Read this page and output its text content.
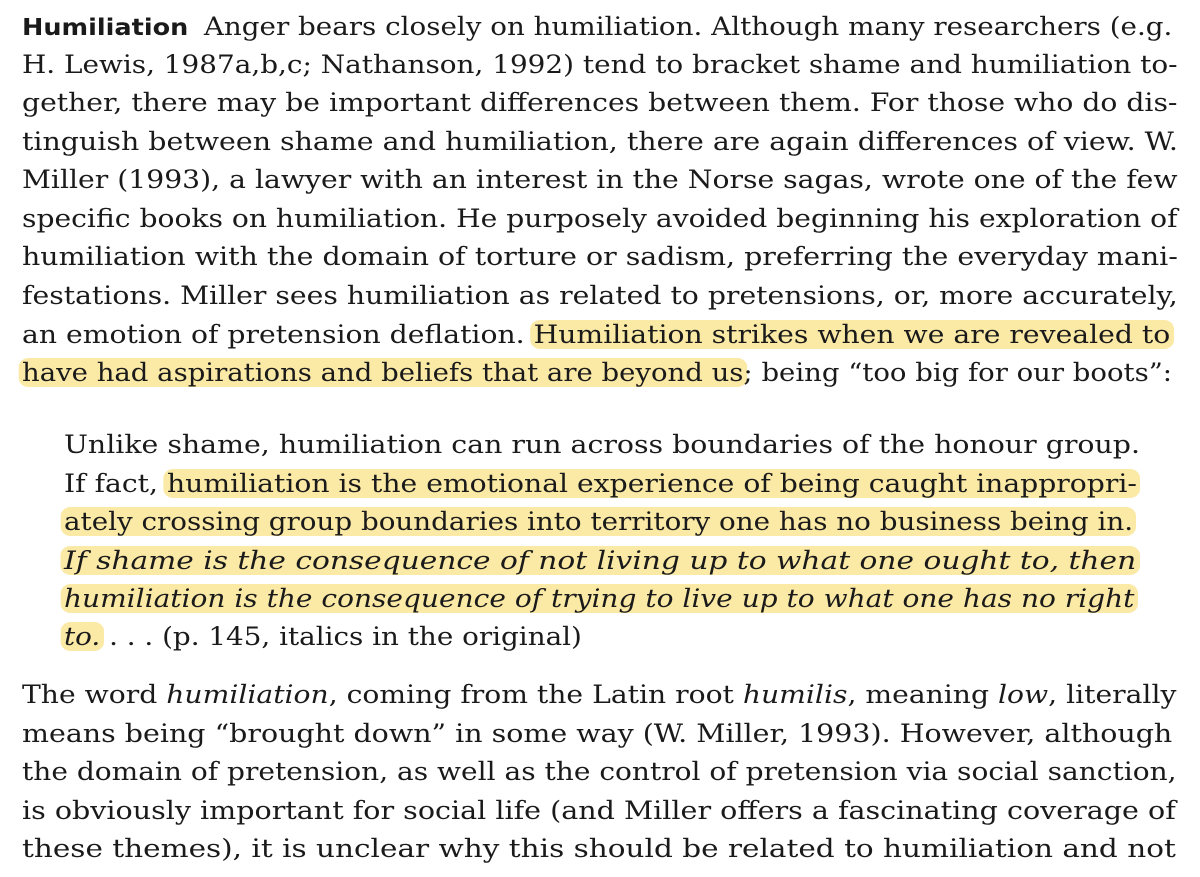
Humiliation Anger bears closely on humiliation. Although many researchers (e.g.
H. Lewis, 1987a,b,c; Nathanson, 1992) tend to bracket shame and humiliation to-
gether, there may be important differences between them. For those who do dis-
tinguish between shame and humiliation, there are again differences of view. W.
Miller (1993), a lawyer with an interest in the Norse sagas, wrote one of the few
specific books on humiliation. He purposely avoided beginning his exploration of
humiliation with the domain of torture or sadism, preferring the everyday mani-
festations. Miller sees humiliation as related to pretensions, or, more accurately,
an emotion of pretension deflation. Humiliation strikes when we are revealed to
have had aspirations and beliefs that are beyond us; being “too big for our boots”:
Unlike shame, humiliation can run across boundaries of the honour group.
If fact, humiliation is the emotional experience of being caught inappropri-
ately crossing group boundaries into territory one has no business being in.
If shame is the consequence of not living up to what one ought to, then
humiliation is the consequence of trying to live up to what one has no right
to. . . . (p. 145, italics in the original)
The word humiliation, coming from the Latin root humilis, meaning low, literally
means being “brought down” in some way (W. Miller, 1993). However, although
the domain of pretension, as well as the control of pretension via social sanction,
is obviously important for social life (and Miller offers a fascinating coverage of
these themes), it is unclear why this should be related to humiliation and not
